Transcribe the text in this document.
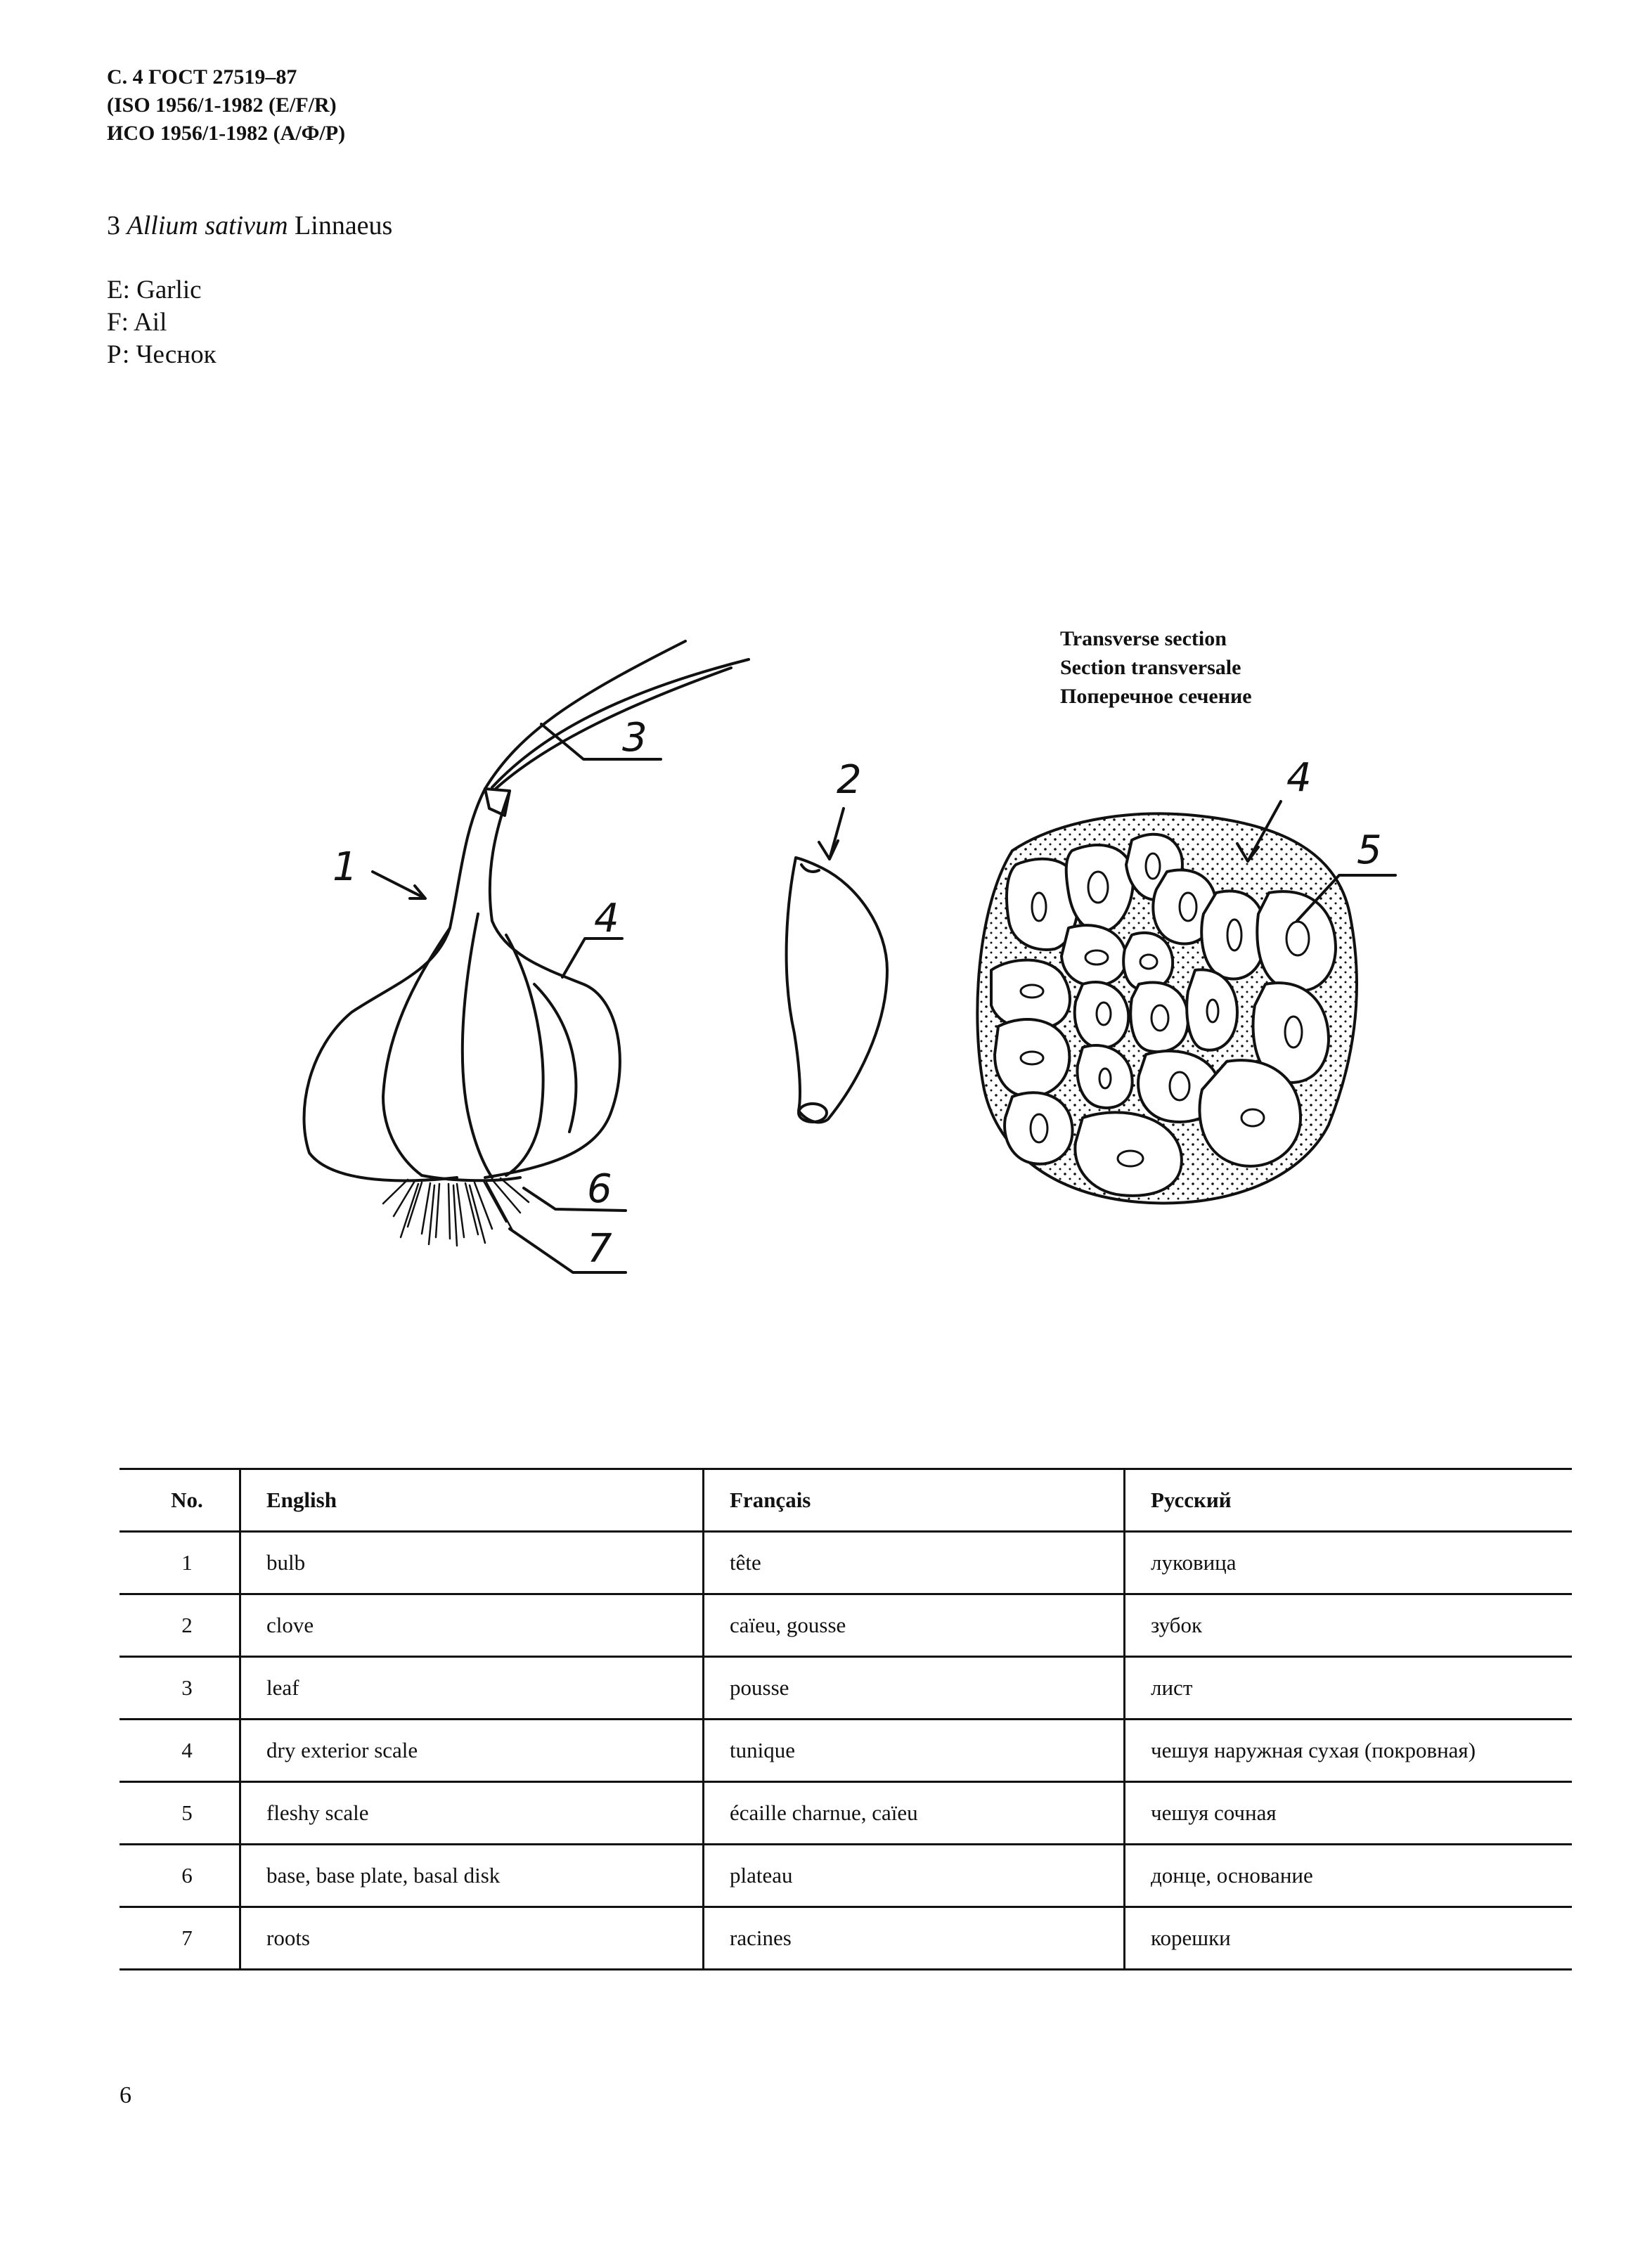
С. 4 ГОСТ 27519–87
(ISO 1956/1-1982 (E/F/R)
ИСО 1956/1-1982 (А/Ф/Р)
3 Allium sativum Linnaeus
E: Garlic
F: Ail
Р: Чеснок
Transverse section
Section transversale
Поперечное сечение
1
2
3
4
4
5
6
7
No.	English	Français	Русский
1	bulb	tête	луковица
2	clove	caïeu, gousse	зубок
3	leaf	pousse	лист
4	dry exterior scale	tunique	чешуя наружная сухая (покровная)
5	fleshy scale	écaille charnue, caïeu	чешуя сочная
6	base, base plate, basal disk	plateau	донце, основание
7	roots	racines	корешки
6
